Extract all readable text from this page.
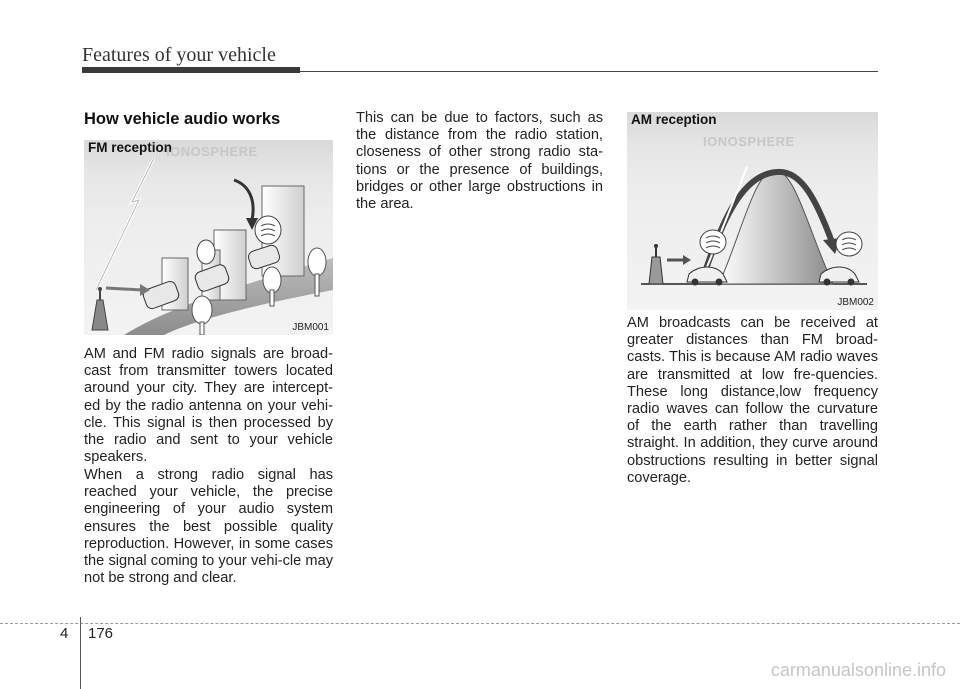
Features of your vehicle
How vehicle audio works
FM reception
IONOSPHERE
JBM001

AM and FM radio signals are broad-cast from transmitter towers located around your city. They are intercept-ed by the radio antenna on your vehi-cle. This signal is then processed by the radio and sent to your vehicle speakers.

When a strong radio signal has reached your vehicle, the precise engineering of your audio system ensures the best possible quality reproduction. However, in some cases the signal coming to your vehi-cle may not be strong and clear.

This can be due to factors, such as the distance from the radio station, closeness of other strong radio sta-tions or the presence of buildings, bridges or other large obstructions in the area.

AM reception
IONOSPHERE
JBM002

AM broadcasts can be received at greater distances than FM broad-casts. This is because AM radio waves are transmitted at low fre-quencies. These long distance,low frequency radio waves can follow the curvature of the earth rather than travelling straight. In addition, they curve around obstructions resulting in better signal coverage.

4 176
carmanualsonline.info
